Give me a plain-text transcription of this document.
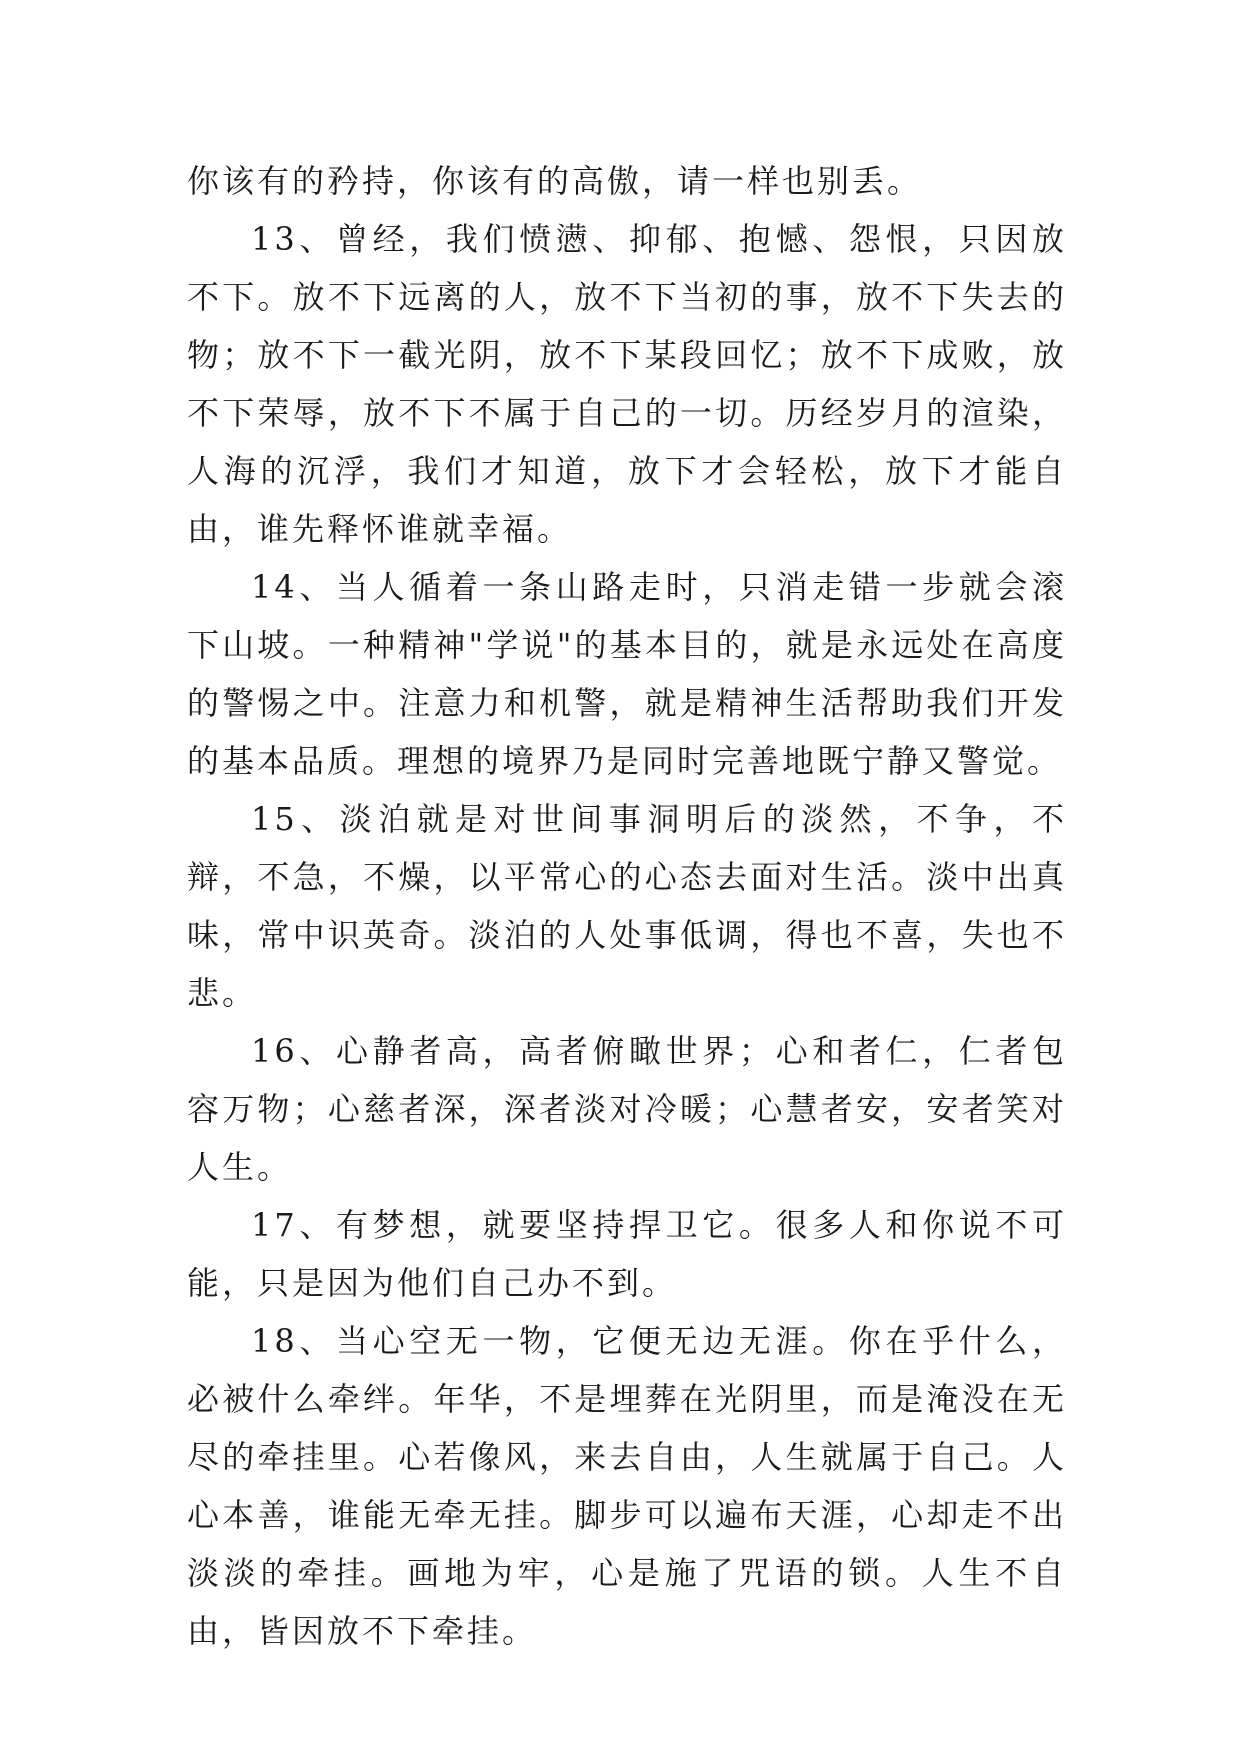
你该有的矜持，你该有的高傲，请一样也别丢。

13、曾经，我们愤懑、抑郁、抱憾、怨恨，只因放不下。放不下远离的人，放不下当初的事，放不下失去的物；放不下一截光阴，放不下某段回忆；放不下成败，放不下荣辱，放不下不属于自己的一切。历经岁月的渲染，人海的沉浮，我们才知道，放下才会轻松，放下才能自由，谁先释怀谁就幸福。

14、当人循着一条山路走时，只消走错一步就会滚下山坡。一种精神"学说"的基本目的，就是永远处在高度的警惕之中。注意力和机警，就是精神生活帮助我们开发的基本品质。理想的境界乃是同时完善地既宁静又警觉。

15、淡泊就是对世间事洞明后的淡然，不争，不辩，不急，不燥，以平常心的心态去面对生活。淡中出真味，常中识英奇。淡泊的人处事低调，得也不喜，失也不悲。

16、心静者高，高者俯瞰世界；心和者仁，仁者包容万物；心慈者深，深者淡对冷暖；心慧者安，安者笑对人生。

17、有梦想，就要坚持捍卫它。很多人和你说不可能，只是因为他们自己办不到。

18、当心空无一物，它便无边无涯。你在乎什么，必被什么牵绊。年华，不是埋葬在光阴里，而是淹没在无尽的牵挂里。心若像风，来去自由，人生就属于自己。人心本善，谁能无牵无挂。脚步可以遍布天涯，心却走不出淡淡的牵挂。画地为牢，心是施了咒语的锁。人生不自由，皆因放不下牵挂。
